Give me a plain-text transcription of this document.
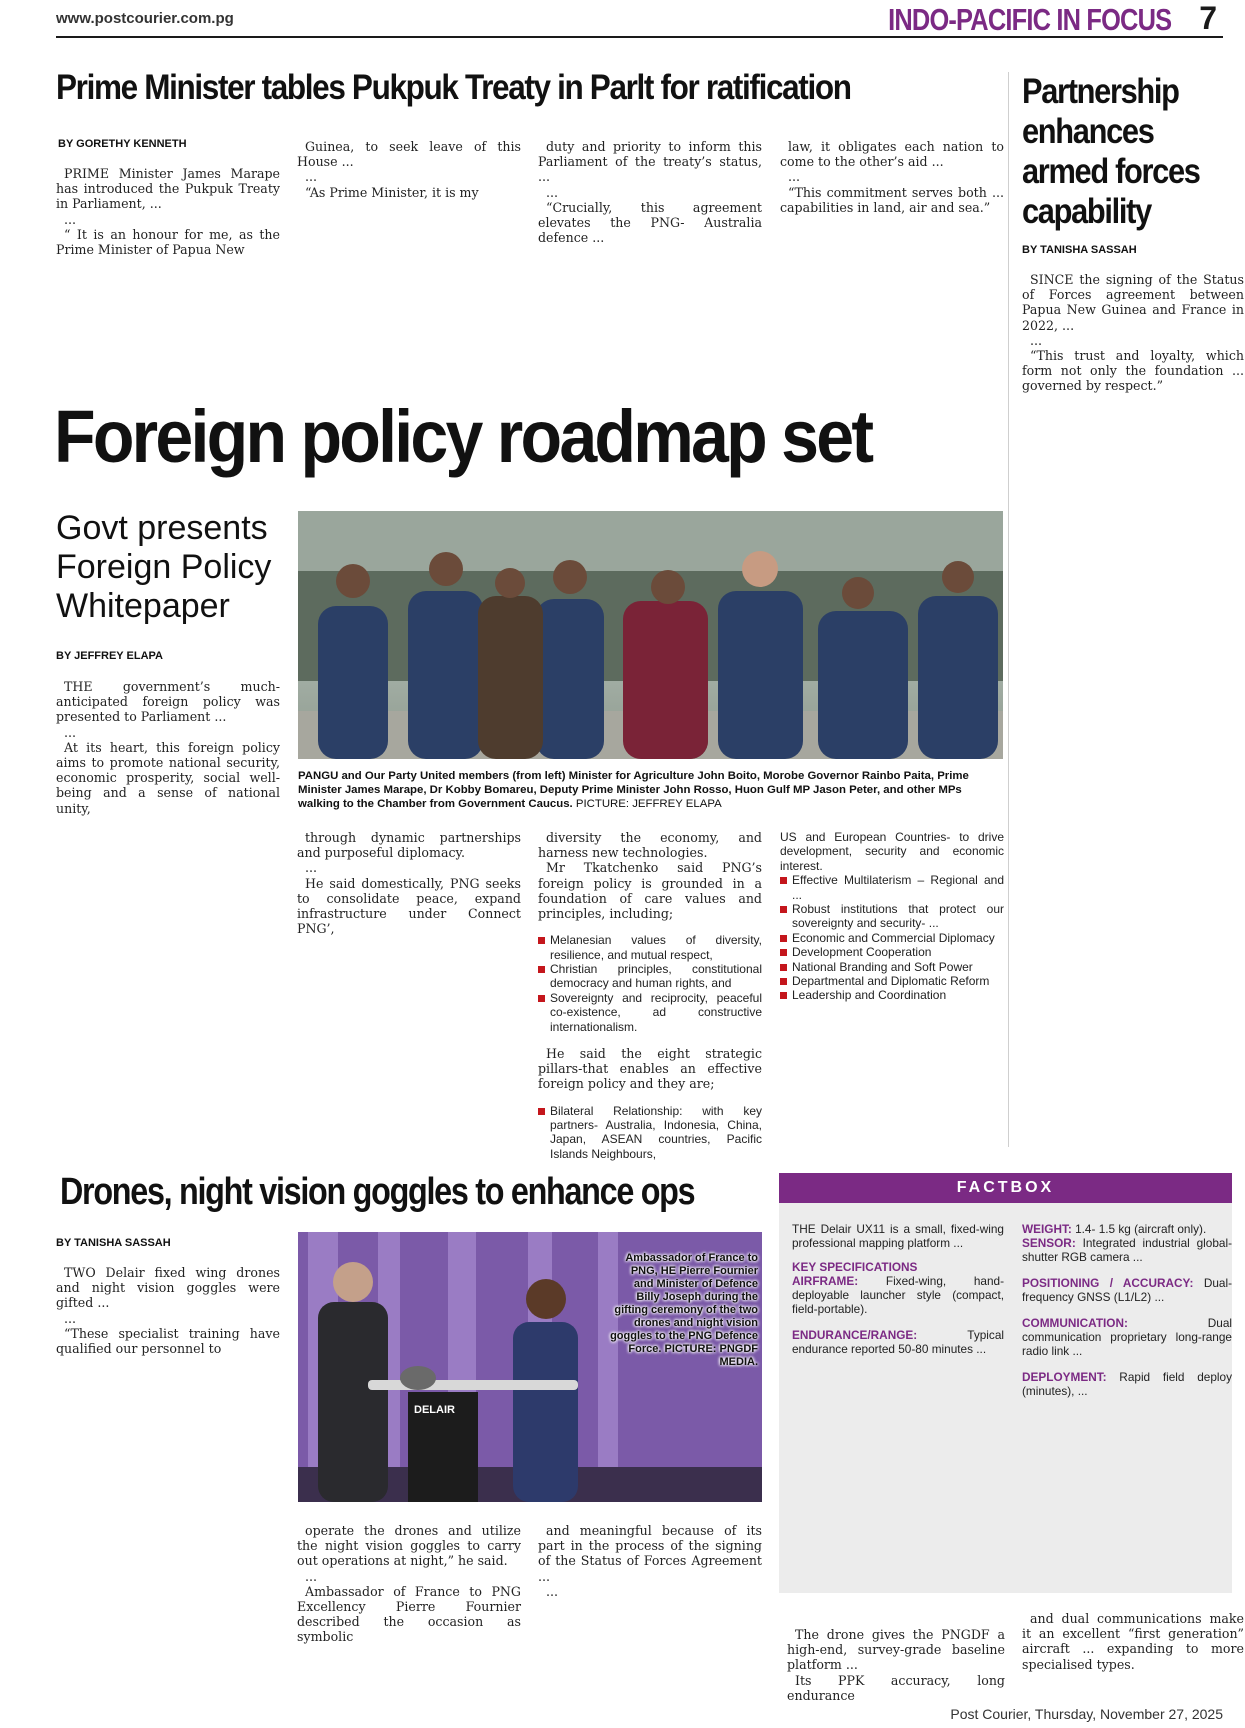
www.postcourier.com.pg	INDO-PACIFIC IN FOCUS 7
Prime Minister tables Pukpuk Treaty in Parlt for ratification
BY GORETHY KENNETH

PRIME Minister James Marape has introduced the Pukpuk Treaty in Parliament, ...

...

“ It is an honour for me, as the Prime Minister of Papua New

Guinea, to seek leave of this House ...

...

“As Prime Minister, it is my

duty and priority to inform this Parliament of the treaty’s status, ...

...

“Crucially, this agreement elevates the PNG- Australia defence ...

law, it obligates each nation to come to the other’s aid ...

...

“This commitment serves both ... capabilities in land, air and sea.”

Partnership enhances armed forces capability
BY TANISHA SASSAH

SINCE the signing of the Status of Forces agreement between Papua New Guinea and France in 2022, ...

...

“This trust and loyalty, which form not only the foundation ... governed by respect.”

Foreign policy roadmap set
Govt presents Foreign Policy Whitepaper
BY JEFFREY ELAPA
PANGU and Our Party United members (from left) Minister for Agriculture John Boito, Morobe Governor Rainbo Paita, Prime Minister James Marape, Dr Kobby Bomareu, Deputy Prime Minister John Rosso, Huon Gulf MP Jason Peter, and other MPs walking to the Chamber from Government Caucus. PICTURE: JEFFREY ELAPA

THE government’s much-anticipated foreign policy was presented to Parliament ...

...

At its heart, this foreign policy aims to promote national security, economic prosperity, social well-being and a sense of national unity,

through dynamic partnerships and purposeful diplomacy.

...

He said domestically, PNG seeks to consolidate peace, expand infrastructure under Connect PNG’,

diversity the economy, and harness new technologies.

Mr Tkatchenko said PNG’s foreign policy is grounded in a foundation of care values and principles, including;

Melanesian values of diversity, resilience, and mutual respect,
Christian principles, constitutional democracy and human rights, and
Sovereignty and reciprocity, peaceful co-existence, ad constructive internationalism.

He said the eight strategic pillars-that enables an effective foreign policy and they are;

Bilateral Relationship: with key partners- Australia, Indonesia, China, Japan, ASEAN countries, Pacific Islands Neighbours,
US and European Countries- to drive development, security and economic interest.
Effective Multilaterism – Regional and ...
Robust institutions that protect our sovereignty and security- ...
Economic and Commercial Diplomacy
Development Cooperation
National Branding and Soft Power
Departmental and Diplomatic Reform
Leadership and Coordination
Drones, night vision goggles to enhance ops
BY TANISHA SASSAH
DELAIR
Ambassador of France to PNG, HE Pierre Fournier and Minister of Defence Billy Joseph during the gifting ceremony of the two drones and night vision goggles to the PNG Defence Force. PICTURE: PNGDF MEDIA.

TWO Delair fixed wing drones and night vision goggles were gifted ...

...

“These specialist training have qualified our personnel to

operate the drones and utilize the night vision goggles to carry out operations at night,” he said.

...

Ambassador of France to PNG Excellency Pierre Fournier described the occasion as symbolic

and meaningful because of its part in the process of the signing of the Status of Forces Agreement ...

...

The drone gives the PNGDF a high-end, survey-grade baseline platform ...

Its PPK accuracy, long endurance

and dual communications make it an excellent “first generation” aircraft ... expanding to more specialised types.

FACTBOX
THE Delair UX11 is a small, fixed-wing professional mapping platform ...
KEY SPECIFICATIONS
AIRFRAME: Fixed-wing, hand-deployable launcher style (compact, field-portable).
ENDURANCE/RANGE:	Typical endurance reported 50-80 minutes ...
WEIGHT: 1.4- 1.5 kg (aircraft only).
SENSOR: Integrated industrial global-shutter RGB camera ...
POSITIONING / ACCURACY: Dual-frequency GNSS (L1/L2) ...
COMMUNICATION:	Dual communication proprietary long-range radio link ...
DEPLOYMENT: Rapid field deploy (minutes), ...
Post Courier, Thursday, November 27, 2025
